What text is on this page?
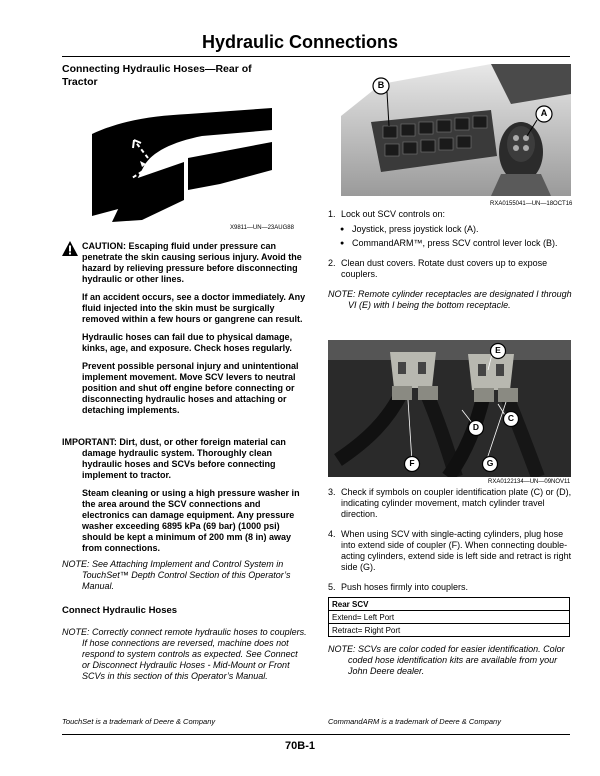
Hydraulic Connections

Connecting Hydraulic Hoses—Rear of Tractor

X9811—UN—23AUG88

CAUTION: Escaping fluid under pressure can penetrate the skin causing serious injury. Avoid the hazard by relieving pressure before disconnecting hydraulic or other lines.

If an accident occurs, see a doctor immediately. Any fluid injected into the skin must be surgically removed within a few hours or gangrene can result.

Hydraulic hoses can fail due to physical damage, kinks, age, and exposure. Check hoses regularly.

Prevent possible personal injury and unintentional implement movement. Move SCV levers to neutral position and shut off engine before connecting or disconnecting hydraulic hoses and attaching or detaching implements.

IMPORTANT: Dirt, dust, or other foreign material can damage hydraulic system. Thoroughly clean hydraulic hoses and SCVs before connecting implement to tractor.

Steam cleaning or using a high pressure washer in the area around the SCV connections and electronics can damage equipment. Any pressure washer exceeding 6895 kPa (69 bar) (1000 psi) should be kept a minimum of 200 mm (8 in) away from connections.

NOTE: See Attaching Implement and Control System in TouchSet™ Depth Control Section of this Operator’s Manual.

Connect Hydraulic Hoses

NOTE: Correctly connect remote hydraulic hoses to couplers. If hose connections are reversed, machine does not respond to system controls as expected. See Connect or Disconnect Hydraulic Hoses - Mid-Mount or Front SCVs in this section of this Operator’s Manual.

B
A
RXA0155041—UN—18OCT16
1. Lock out SCV controls on:

● Joystick, press joystick lock (A).
● CommandARM™, press SCV control lever lock (B).
2. Clean dust covers. Rotate dust covers up to expose couplers.

NOTE: Remote cylinder receptacles are designated I through VI (E) with I being the bottom receptacle.

E
D
C
F	G
RXA0122134—UN—09NOV11
3. Check if symbols on coupler identification plate (C) or (D), indicating cylinder movement, match cylinder travel direction.

4. When using SCV with single-acting cylinders, plug hose into extend side of coupler (F). When connecting double-acting cylinders, extend side is left side and retract is right side (G).

5. Push hoses firmly into couplers.

Rear SCV
Extend= Left Port
Retract= Right Port

NOTE: SCVs are color coded for easier identification. Color coded hose identification kits are available from your John Deere dealer.

TouchSet is a trademark of Deere & Company	CommandARM is a trademark of Deere & Company
70B-1
